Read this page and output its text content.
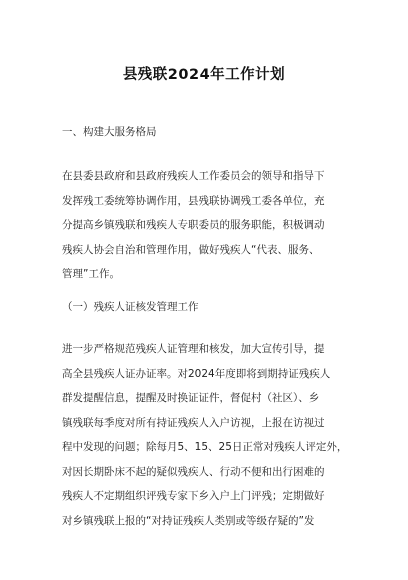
县残联2024年工作计划

一、构建大服务格局

在县委县政府和县政府残疾人工作委员会的领导和指导下
发挥残工委统筹协调作用，县残联协调残工委各单位，充
分提高乡镇残联和残疾人专职委员的服务职能，积极调动
残疾人协会自治和管理作用，做好残疾人“代表、服务、
管理”工作。

（一）残疾人证核发管理工作

进一步严格规范残疾人证管理和核发，加大宣传引导，提
高全县残疾人证办证率。对2024年度即将到期持证残疾人
群发提醒信息，提醒及时换证证件，督促村（社区）、乡
镇残联每季度对所有持证残疾人入户访视，上报在访视过
程中发现的问题；除每月5、15、25日正常对残疾人评定外，
对因长期卧床不起的疑似残疾人、行动不便和出行困难的
残疾人不定期组织评残专家下乡入户上门评残；定期做好
对乡镇残联上报的“对持证残疾人类别或等级存疑的”发
